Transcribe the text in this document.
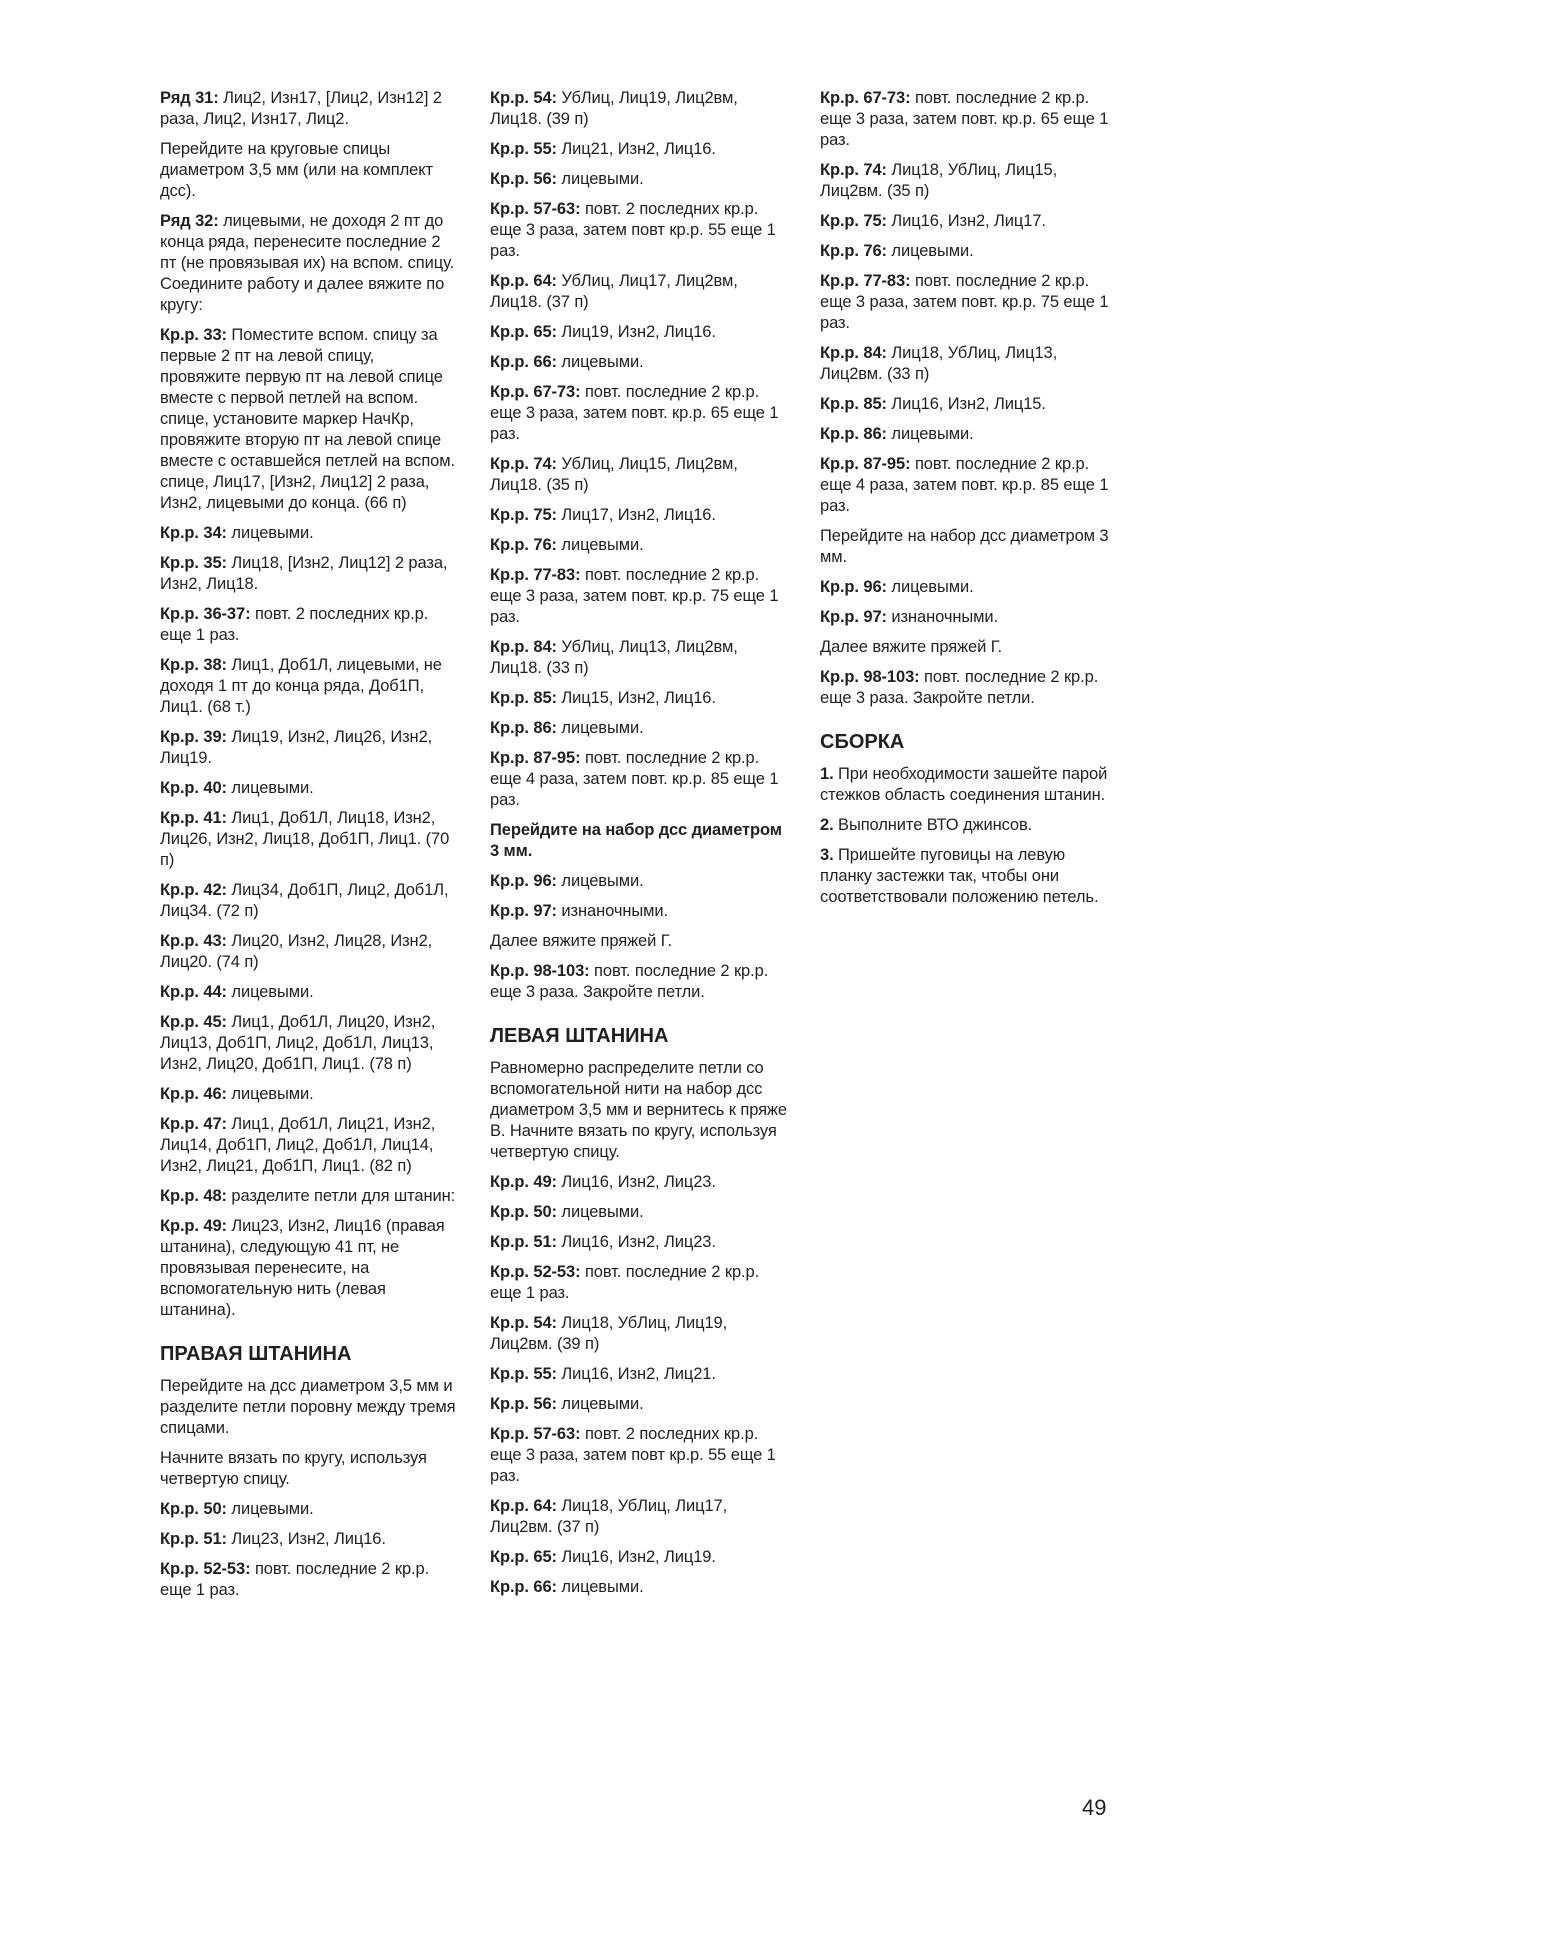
Ряд 31: Лиц2, Изн17, [Лиц2, Изн12] 2 раза, Лиц2, Изн17, Лиц2.

Перейдите на круговые спицы диаметром 3,5 мм (или на комплект дсс).

Ряд 32: лицевыми, не доходя 2 пт до конца ряда, перенесите последние 2 пт (не провязывая их) на вспом. спицу. Соедините работу и далее вяжите по кругу:

Кр.р. 33: Поместите вспом. спицу за первые 2 пт на левой спицу, провяжите первую пт на левой спице вместе с первой петлей на вспом. спице, установите маркер НачКр, провяжите вторую пт на левой спице вместе с оставшейся петлей на вспом. спице, Лиц17, [Изн2, Лиц12] 2 раза, Изн2, лицевыми до конца. (66 п)

Кр.р. 34: лицевыми.

Кр.р. 35: Лиц18, [Изн2, Лиц12] 2 раза, Изн2, Лиц18.

Кр.р. 36-37: повт. 2 последних кр.р. еще 1 раз.

Кр.р. 38: Лиц1, Доб1Л, лицевыми, не доходя 1 пт до конца ряда, Доб1П, Лиц1. (68 т.)

Кр.р. 39: Лиц19, Изн2, Лиц26, Изн2, Лиц19.

Кр.р. 40: лицевыми.

Кр.р. 41: Лиц1, Доб1Л, Лиц18, Изн2, Лиц26, Изн2, Лиц18, Доб1П, Лиц1. (70 п)

Кр.р. 42: Лиц34, Доб1П, Лиц2, Доб1Л, Лиц34. (72 п)

Кр.р. 43: Лиц20, Изн2, Лиц28, Изн2, Лиц20. (74 п)

Кр.р. 44: лицевыми.

Кр.р. 45: Лиц1, Доб1Л, Лиц20, Изн2, Лиц13, Доб1П, Лиц2, Доб1Л, Лиц13, Изн2, Лиц20, Доб1П, Лиц1. (78 п)

Кр.р. 46: лицевыми.

Кр.р. 47: Лиц1, Доб1Л, Лиц21, Изн2, Лиц14, Доб1П, Лиц2, Доб1Л, Лиц14, Изн2, Лиц21, Доб1П, Лиц1. (82 п)

Кр.р. 48: разделите петли для штанин:

Кр.р. 49: Лиц23, Изн2, Лиц16 (правая штанина), следующую 41 пт, не провязывая перенесите, на вспомогательную нить (левая штанина).

ПРАВАЯ ШТАНИНА

Перейдите на дсс диаметром 3,5 мм и разделите петли поровну между тремя спицами.

Начните вязать по кругу, используя четвертую спицу.

Кр.р. 50: лицевыми.

Кр.р. 51: Лиц23, Изн2, Лиц16.

Кр.р. 52-53: повт. последние 2 кр.р. еще 1 раз.

Кр.р. 54: УбЛиц, Лиц19, Лиц2вм, Лиц18. (39 п)

Кр.р. 55: Лиц21, Изн2, Лиц16.

Кр.р. 56: лицевыми.

Кр.р. 57-63: повт. 2 последних кр.р. еще 3 раза, затем повт кр.р. 55 еще 1 раз.

Кр.р. 64: УбЛиц, Лиц17, Лиц2вм, Лиц18. (37 п)

Кр.р. 65: Лиц19, Изн2, Лиц16.

Кр.р. 66: лицевыми.

Кр.р. 67-73: повт. последние 2 кр.р. еще 3 раза, затем повт. кр.р. 65 еще 1 раз.

Кр.р. 74: УбЛиц, Лиц15, Лиц2вм, Лиц18. (35 п)

Кр.р. 75: Лиц17, Изн2, Лиц16.

Кр.р. 76: лицевыми.

Кр.р. 77-83: повт. последние 2 кр.р. еще 3 раза, затем повт. кр.р. 75 еще 1 раз.

Кр.р. 84: УбЛиц, Лиц13, Лиц2вм, Лиц18. (33 п)

Кр.р. 85: Лиц15, Изн2, Лиц16.

Кр.р. 86: лицевыми.

Кр.р. 87-95: повт. последние 2 кр.р. еще 4 раза, затем повт. кр.р. 85 еще 1 раз.

Перейдите на набор дсс диаметром 3 мм.

Кр.р. 96: лицевыми.

Кр.р. 97: изнаночными.

Далее вяжите пряжей Г.

Кр.р. 98-103: повт. последние 2 кр.р. еще 3 раза. Закройте петли.

ЛЕВАЯ ШТАНИНА

Равномерно распределите петли со вспомогательной нити на набор дсс диаметром 3,5 мм и вернитесь к пряже В. Начните вязать по кругу, используя четвертую спицу.

Кр.р. 49: Лиц16, Изн2, Лиц23.

Кр.р. 50: лицевыми.

Кр.р. 51: Лиц16, Изн2, Лиц23.

Кр.р. 52-53: повт. последние 2 кр.р. еще 1 раз.

Кр.р. 54: Лиц18, УбЛиц, Лиц19, Лиц2вм. (39 п)

Кр.р. 55: Лиц16, Изн2, Лиц21.

Кр.р. 56: лицевыми.

Кр.р. 57-63: повт. 2 последних кр.р. еще 3 раза, затем повт кр.р. 55 еще 1 раз.

Кр.р. 64: Лиц18, УбЛиц, Лиц17, Лиц2вм. (37 п)

Кр.р. 65: Лиц16, Изн2, Лиц19.

Кр.р. 66: лицевыми.

Кр.р. 67-73: повт. последние 2 кр.р. еще 3 раза, затем повт. кр.р. 65 еще 1 раз.

Кр.р. 74: Лиц18, УбЛиц, Лиц15, Лиц2вм. (35 п)

Кр.р. 75: Лиц16, Изн2, Лиц17.

Кр.р. 76: лицевыми.

Кр.р. 77-83: повт. последние 2 кр.р. еще 3 раза, затем повт. кр.р. 75 еще 1 раз.

Кр.р. 84: Лиц18, УбЛиц, Лиц13, Лиц2вм. (33 п)

Кр.р. 85: Лиц16, Изн2, Лиц15.

Кр.р. 86: лицевыми.

Кр.р. 87-95: повт. последние 2 кр.р. еще 4 раза, затем повт. кр.р. 85 еще 1 раз.

Перейдите на набор дсс диаметром 3 мм.

Кр.р. 96: лицевыми.

Кр.р. 97: изнаночными.

Далее вяжите пряжей Г.

Кр.р. 98-103: повт. последние 2 кр.р. еще 3 раза. Закройте петли.

СБОРКА

1. При необходимости зашейте парой стежков область соединения штанин.

2. Выполните ВТО джинсов.

3. Пришейте пуговицы на левую планку застежки так, чтобы они соответствовали положению петель.

49
